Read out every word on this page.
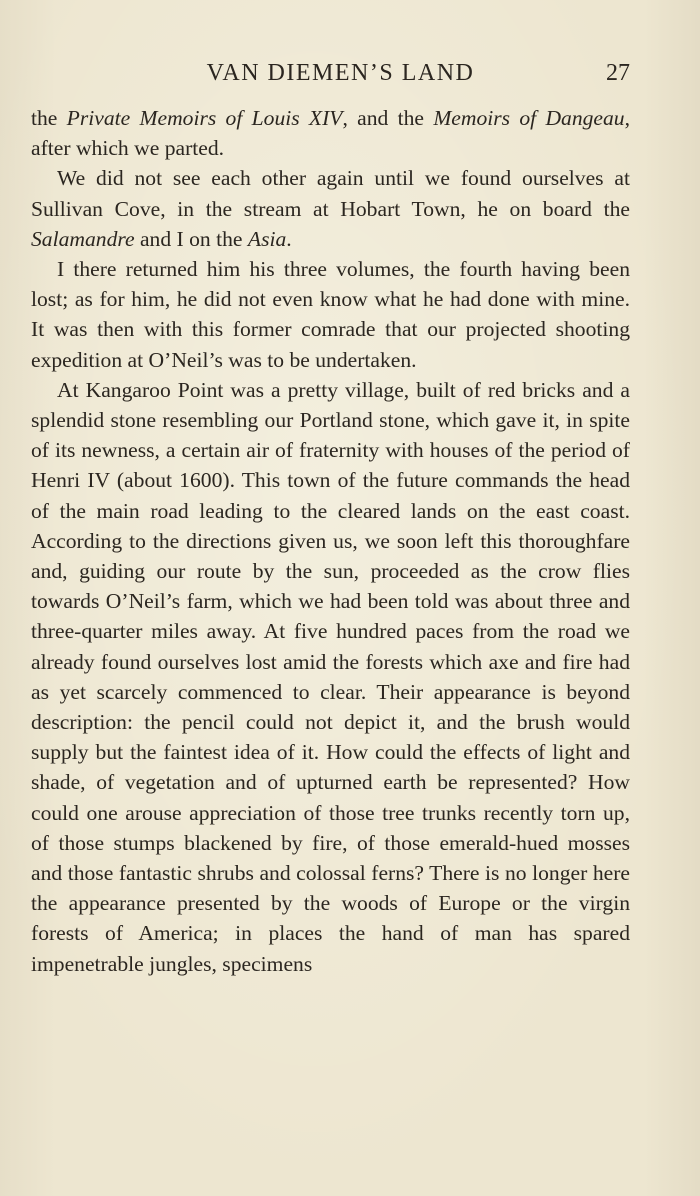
VAN DIEMEN’S LAND	27

the Private Memoirs of Louis XIV, and the Memoirs of Dangeau, after which we parted.

We did not see each other again until we found ourselves at Sullivan Cove, in the stream at Hobart Town, he on board the Salamandre and I on the Asia.

I there returned him his three volumes, the fourth having been lost; as for him, he did not even know what he had done with mine. It was then with this former comrade that our projected shooting expedition at O’Neil’s was to be undertaken.

At Kangaroo Point was a pretty village, built of red bricks and a splendid stone resembling our Portland stone, which gave it, in spite of its newness, a certain air of fraternity with houses of the period of Henri IV (about 1600). This town of the future commands the head of the main road leading to the cleared lands on the east coast. According to the directions given us, we soon left this thoroughfare and, guiding our route by the sun, proceeded as the crow flies towards O’Neil’s farm, which we had been told was about three and three-quarter miles away. At five hundred paces from the road we already found ourselves lost amid the forests which axe and fire had as yet scarcely commenced to clear. Their appearance is beyond description: the pencil could not depict it, and the brush would supply but the faintest idea of it. How could the effects of light and shade, of vegetation and of upturned earth be represented? How could one arouse appreciation of those tree trunks recently torn up, of those stumps blackened by fire, of those emerald-hued mosses and those fantastic shrubs and colossal ferns? There is no longer here the appearance presented by the woods of Europe or the virgin forests of America; in places the hand of man has spared impenetrable jungles, specimens
